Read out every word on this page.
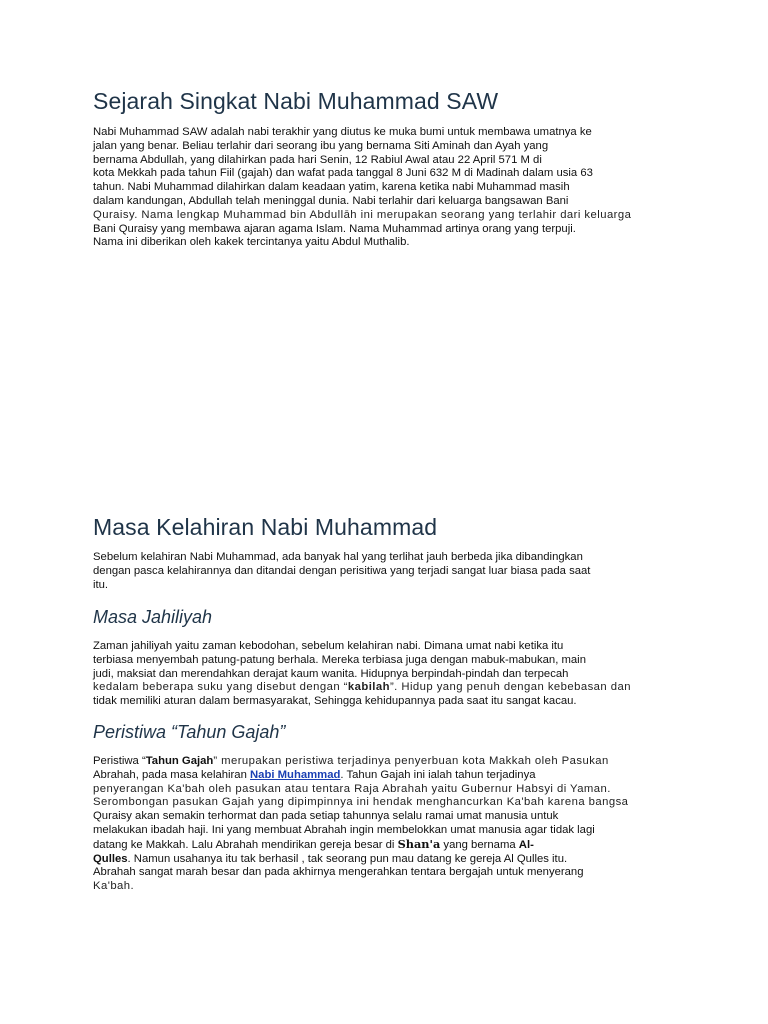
Sejarah Singkat Nabi Muhammad SAW
Nabi Muhammad SAW adalah nabi terakhir yang diutus ke muka bumi untuk membawa umatnya ke
jalan yang benar. Beliau terlahir dari seorang ibu yang bernama Siti Aminah dan Ayah yang
bernama Abdullah, yang dilahirkan pada hari Senin, 12 Rabiul Awal atau 22 April 571 M di
kota Mekkah pada tahun Fiil (gajah) dan wafat pada tanggal 8 Juni 632 M di Madinah dalam usia 63
tahun. Nabi Muhammad dilahirkan dalam keadaan yatim, karena ketika nabi Muhammad masih
dalam kandungan, Abdullah telah meninggal dunia. Nabi terlahir dari keluarga bangsawan Bani
Quraisy. Nama lengkap Muhammad bin Abdullāh ini merupakan seorang yang terlahir dari keluarga
Bani Quraisy yang membawa ajaran agama Islam. Nama Muhammad artinya orang yang terpuji.
Nama ini diberikan oleh kakek tercintanya yaitu Abdul Muthalib.
Masa Kelahiran Nabi Muhammad
Sebelum kelahiran Nabi Muhammad, ada banyak hal yang terlihat jauh berbeda jika dibandingkan
dengan pasca kelahirannya dan ditandai dengan perisitiwa yang terjadi sangat luar biasa pada saat
itu.
Masa Jahiliyah
Zaman jahiliyah yaitu zaman kebodohan, sebelum kelahiran nabi. Dimana umat nabi ketika itu
terbiasa menyembah patung-patung berhala. Mereka terbiasa juga dengan mabuk-mabukan, main
judi, maksiat dan merendahkan derajat kaum wanita. Hidupnya berpindah-pindah dan terpecah
kedalam beberapa suku yang disebut dengan “kabilah”. Hidup yang penuh dengan kebebasan dan
tidak memiliki aturan dalam bermasyarakat, Sehingga kehidupannya pada saat itu sangat kacau.
Peristiwa “Tahun Gajah”
Peristiwa “Tahun Gajah” merupakan peristiwa terjadinya penyerbuan kota Makkah oleh Pasukan
Abrahah, pada masa kelahiran Nabi Muhammad. Tahun Gajah ini ialah tahun terjadinya
penyerangan Ka'bah oleh pasukan atau tentara Raja Abrahah yaitu Gubernur Habsyi di Yaman.
Serombongan pasukan Gajah yang dipimpinnya ini hendak menghancurkan Ka'bah karena bangsa
Quraisy akan semakin terhormat dan pada setiap tahunnya selalu ramai umat manusia untuk
melakukan ibadah haji. Ini yang membuat Abrahah ingin membelokkan umat manusia agar tidak lagi
datang ke Makkah. Lalu Abrahah mendirikan gereja besar di Shan'a yang bernama Al-
Qulles. Namun usahanya itu tak berhasil , tak seorang pun mau datang ke gereja Al Qulles itu.
Abrahah sangat marah besar dan pada akhirnya mengerahkan tentara bergajah untuk menyerang
Ka'bah.
